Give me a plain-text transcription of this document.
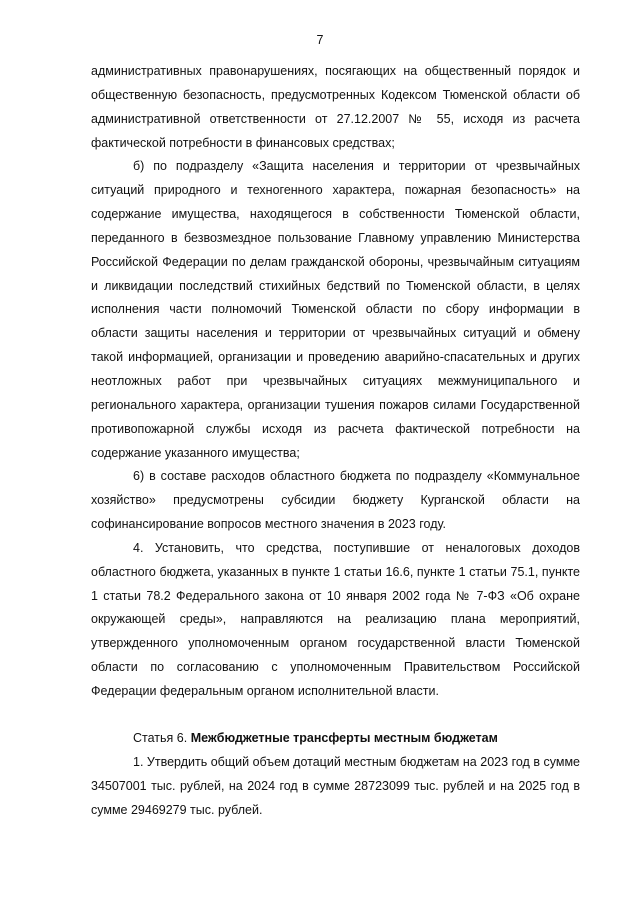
7

административных правонарушениях, посягающих на общественный порядок и общественную безопасность, предусмотренных Кодексом Тюменской области об административной ответственности от 27.12.2007 № 55, исходя из расчета фактической потребности в финансовых средствах;

б) по подразделу «Защита населения и территории от чрезвычайных ситуаций природного и техногенного характера, пожарная безопасность» на содержание имущества, находящегося в собственности Тюменской области, переданного в безвозмездное пользование Главному управлению Министерства Российской Федерации по делам гражданской обороны, чрезвычайным ситуациям и ликвидации последствий стихийных бедствий по Тюменской области, в целях исполнения части полномочий Тюменской области по сбору информации в области защиты населения и территории от чрезвычайных ситуаций и обмену такой информацией, организации и проведению аварийно-спасательных и других неотложных работ при чрезвычайных ситуациях межмуниципального и регионального характера, организации тушения пожаров силами Государственной противопожарной службы исходя из расчета фактической потребности на содержание указанного имущества;

6) в составе расходов областного бюджета по подразделу «Коммунальное хозяйство» предусмотрены субсидии бюджету Курганской области на софинансирование вопросов местного значения в 2023 году.

4. Установить, что средства, поступившие от неналоговых доходов областного бюджета, указанных в пункте 1 статьи 16.6, пункте 1 статьи 75.1, пункте 1 статьи 78.2 Федерального закона от 10 января 2002 года № 7-ФЗ «Об охране окружающей среды», направляются на реализацию плана мероприятий, утвержденного уполномоченным органом государственной власти Тюменской области по согласованию с уполномоченным Правительством Российской Федерации федеральным органом исполнительной власти.

Статья 6. Межбюджетные трансферты местным бюджетам

1. Утвердить общий объем дотаций местным бюджетам на 2023 год в сумме 34507001 тыс. рублей, на 2024 год в сумме 28723099 тыс. рублей и на 2025 год в сумме 29469279 тыс. рублей.
